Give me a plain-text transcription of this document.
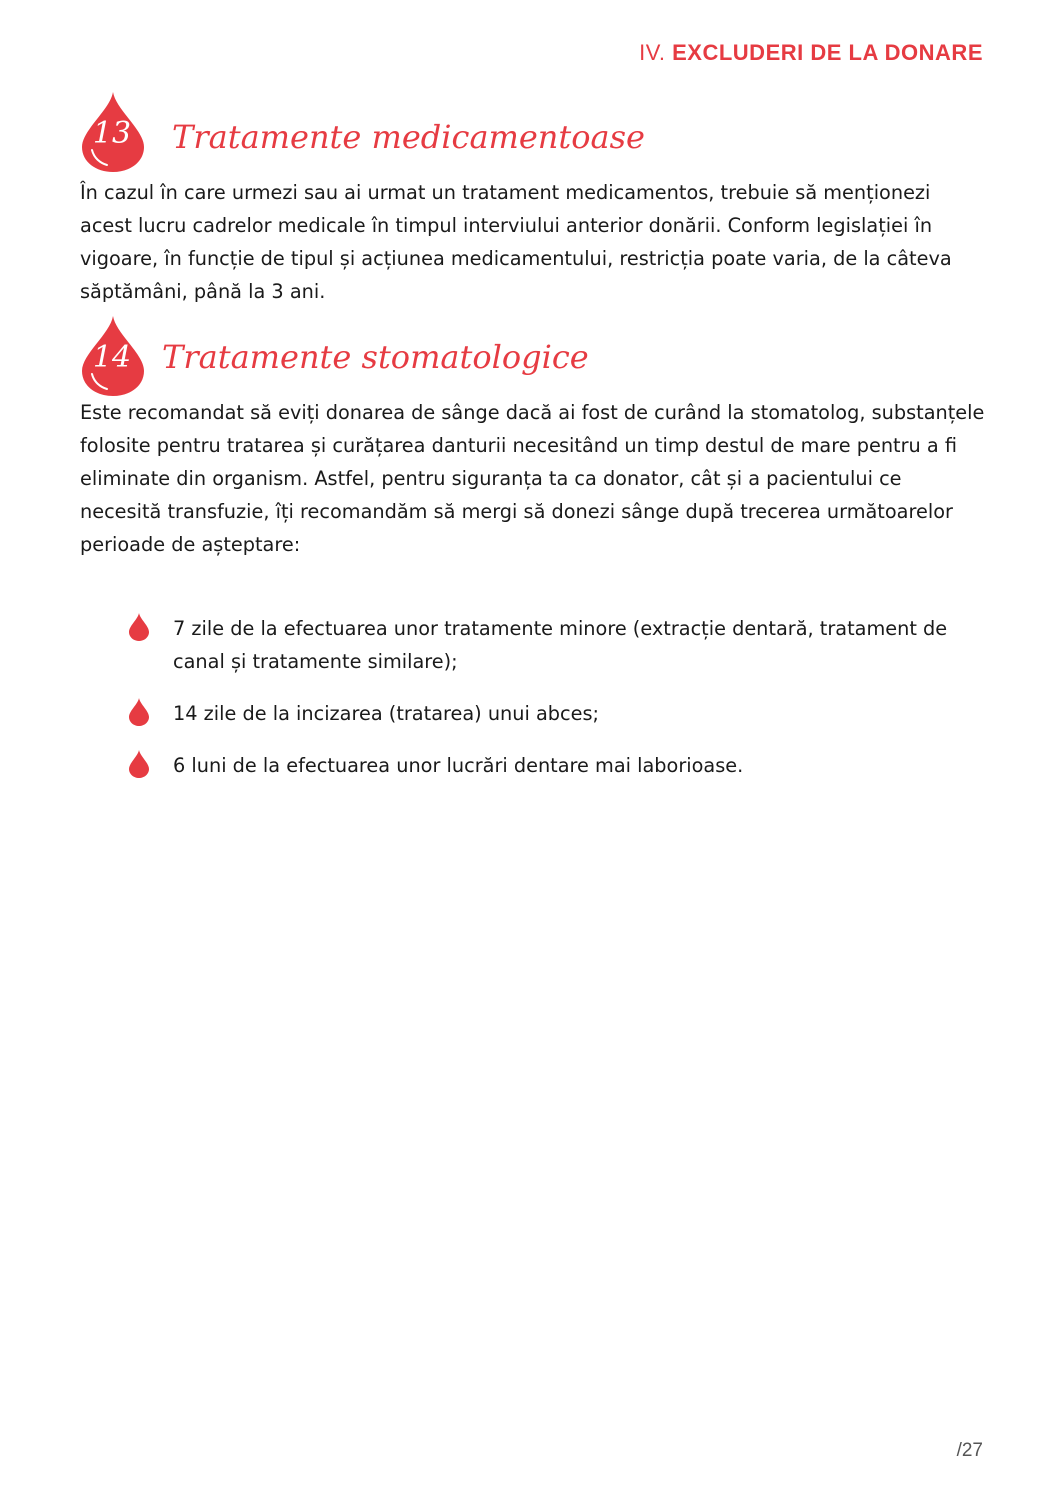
IV. EXCLUDERI DE LA DONARE
13	Tratamente medicamentoase

În cazul în care urmezi sau ai urmat un tratament medicamentos, trebuie să menționezi acest lucru cadrelor medicale în timpul interviului anterior donării. Conform legislației în vigoare, în funcție de tipul și acțiunea medicamentului, restricția poate varia, de la câteva săptămâni, până la 3 ani.

14 Tratamente stomatologice

Este recomandat să eviți donarea de sânge dacă ai fost de curând la stomatolog, substanțele folosite pentru tratarea și curățarea danturii necesitând un timp destul de mare pentru a fi eliminate din organism. Astfel, pentru siguranța ta ca donator, cât și a pacientului ce necesită transfuzie, îți recomandăm să mergi să donezi sânge după trecerea următoarelor perioade de așteptare:

7 zile de la efectuarea unor tratamente minore (extracție dentară, tratament de canal și tratamente similare);
14 zile de la incizarea (tratarea) unui abces;
6 luni de la efectuarea unor lucrări dentare mai laborioase.
/27
